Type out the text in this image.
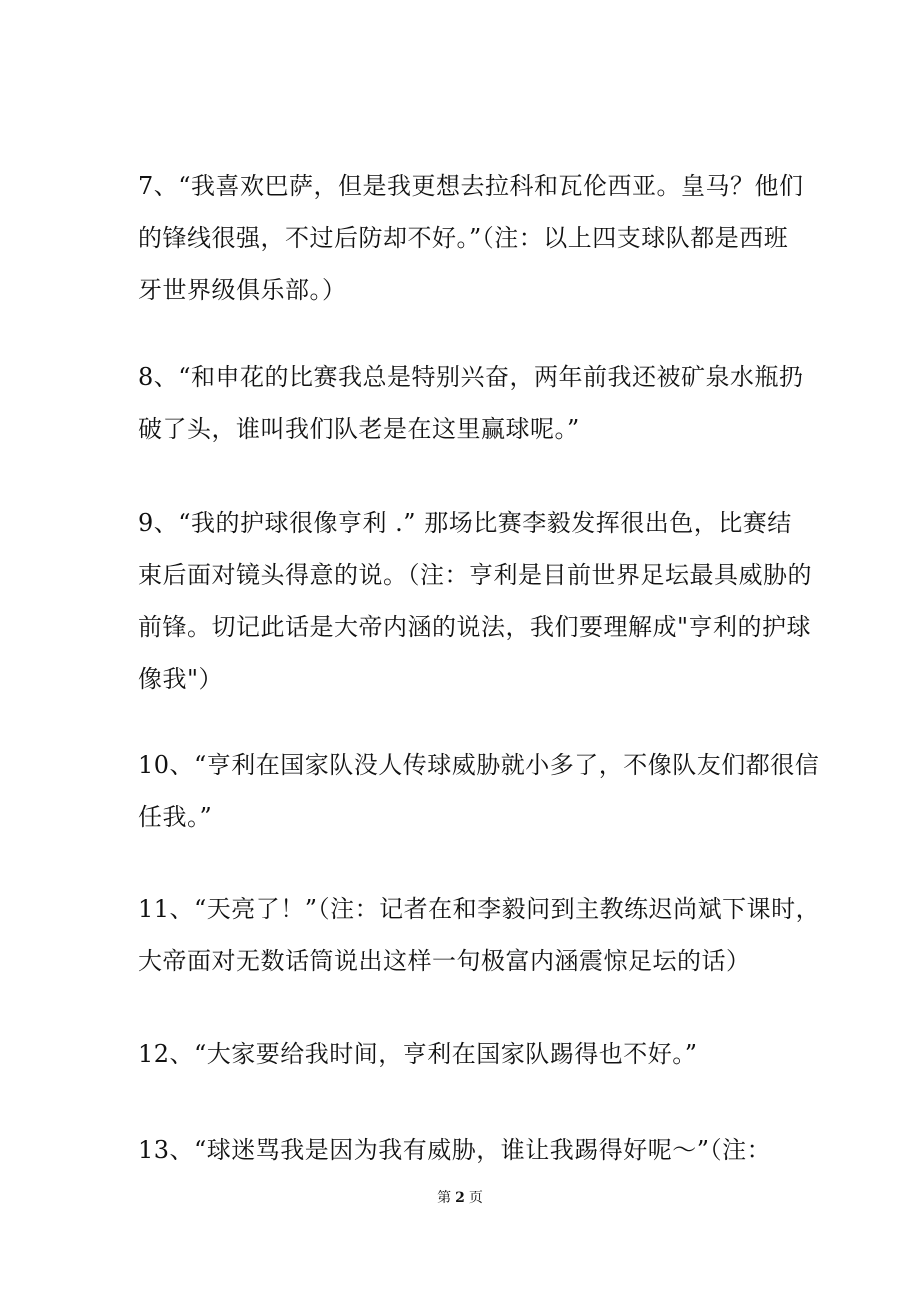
7、“我喜欢巴萨，但是我更想去拉科和瓦伦西亚。皇马？他们
的锋线很强，不过后防却不好。”（注：以上四支球队都是西班
牙世界级俱乐部。）

8、“和申花的比赛我总是特别兴奋，两年前我还被矿泉水瓶扔
破了头，谁叫我们队老是在这里赢球呢。”

9、“我的护球很像亨利 .” 那场比赛李毅发挥很出色，比赛结
束后面对镜头得意的说。（注：亨利是目前世界足坛最具威胁的
前锋。切记此话是大帝内涵的说法，我们要理解成"亨利的护球
像我"）

10、“亨利在国家队没人传球威胁就小多了，不像队友们都很信
任我。”

11、“天亮了！”（注：记者在和李毅问到主教练迟尚斌下课时，
大帝面对无数话筒说出这样一句极富内涵震惊足坛的话）

12、“大家要给我时间，亨利在国家队踢得也不好。”

13、“球迷骂我是因为我有威胁，谁让我踢得好呢～”（注：

第 2 页
